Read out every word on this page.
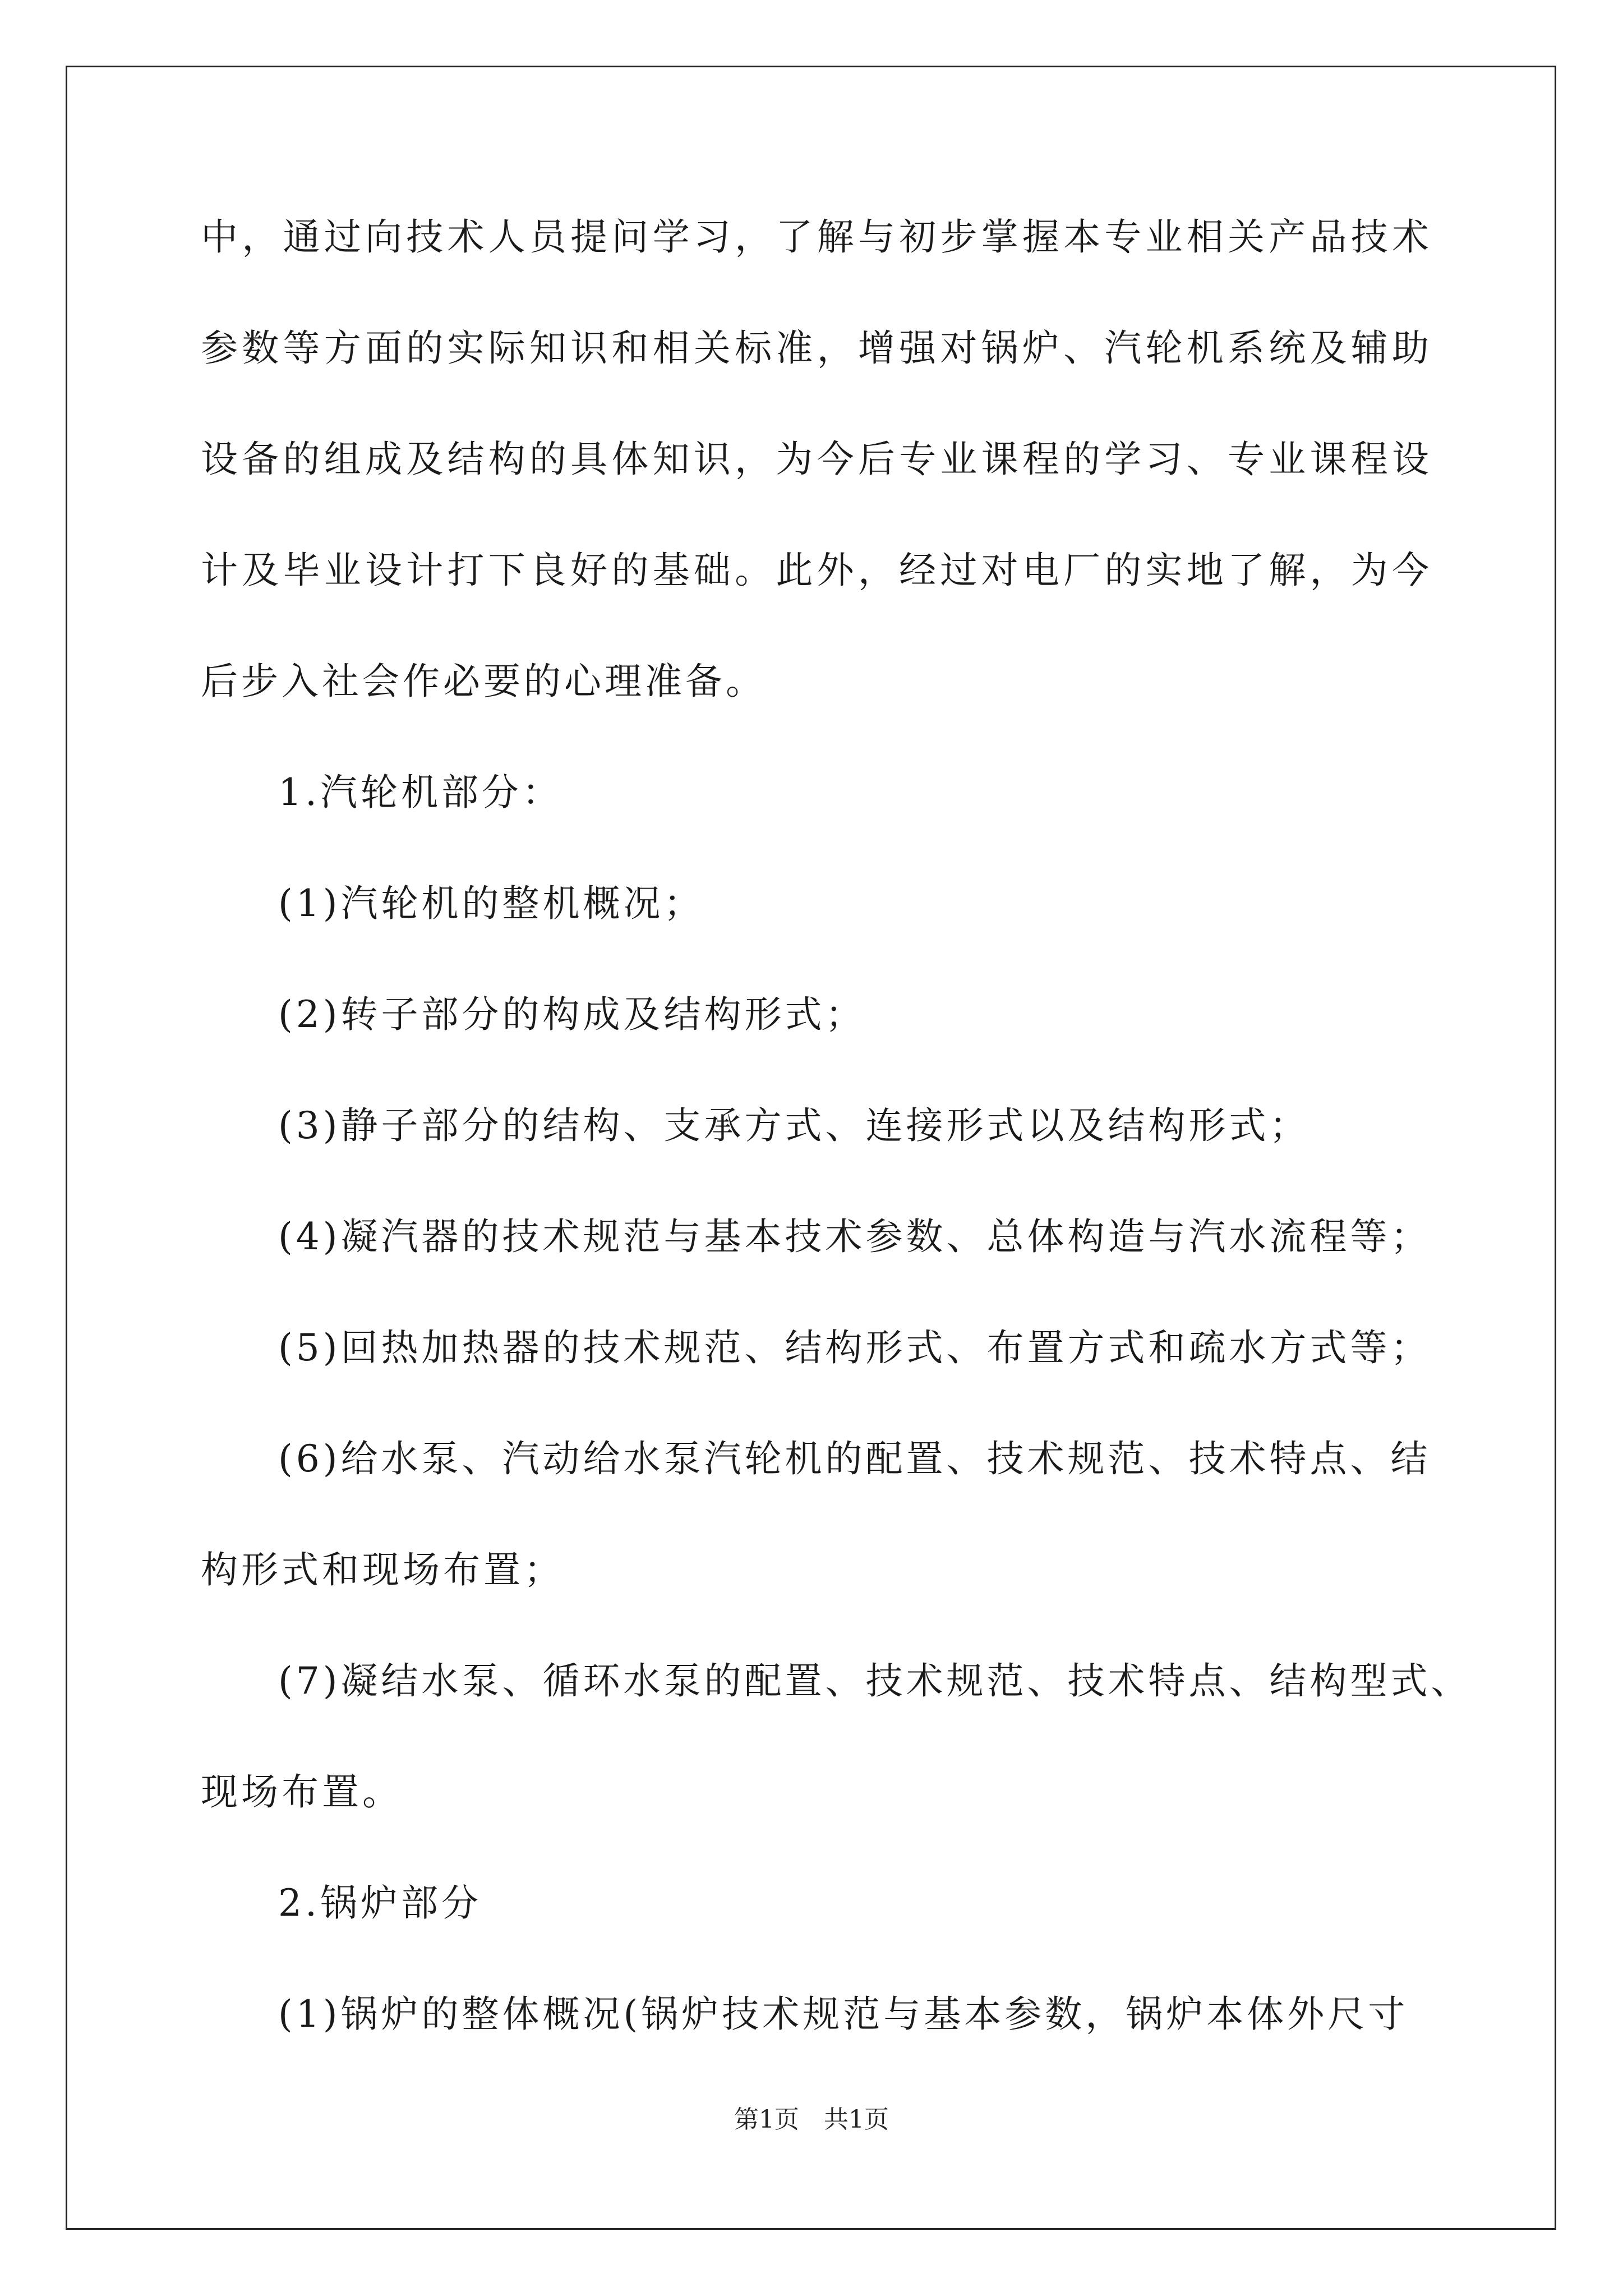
中，通过向技术人员提问学习，了解与初步掌握本专业相关产品技术
参数等方面的实际知识和相关标准，增强对锅炉、汽轮机系统及辅助
设备的组成及结构的具体知识，为今后专业课程的学习、专业课程设
计及毕业设计打下良好的基础。此外，经过对电厂的实地了解，为今
后步入社会作必要的心理准备。
1.汽轮机部分：
(1)汽轮机的整机概况；
(2)转子部分的构成及结构形式；
(3)静子部分的结构、支承方式、连接形式以及结构形式；
(4)凝汽器的技术规范与基本技术参数、总体构造与汽水流程等；
(5)回热加热器的技术规范、结构形式、布置方式和疏水方式等；
(6)给水泵、汽动给水泵汽轮机的配置、技术规范、技术特点、结
构形式和现场布置；
(7)凝结水泵、循环水泵的配置、技术规范、技术特点、结构型式、
现场布置。
2.锅炉部分
(1)锅炉的整体概况(锅炉技术规范与基本参数，锅炉本体外尺寸
第1页　共1页
